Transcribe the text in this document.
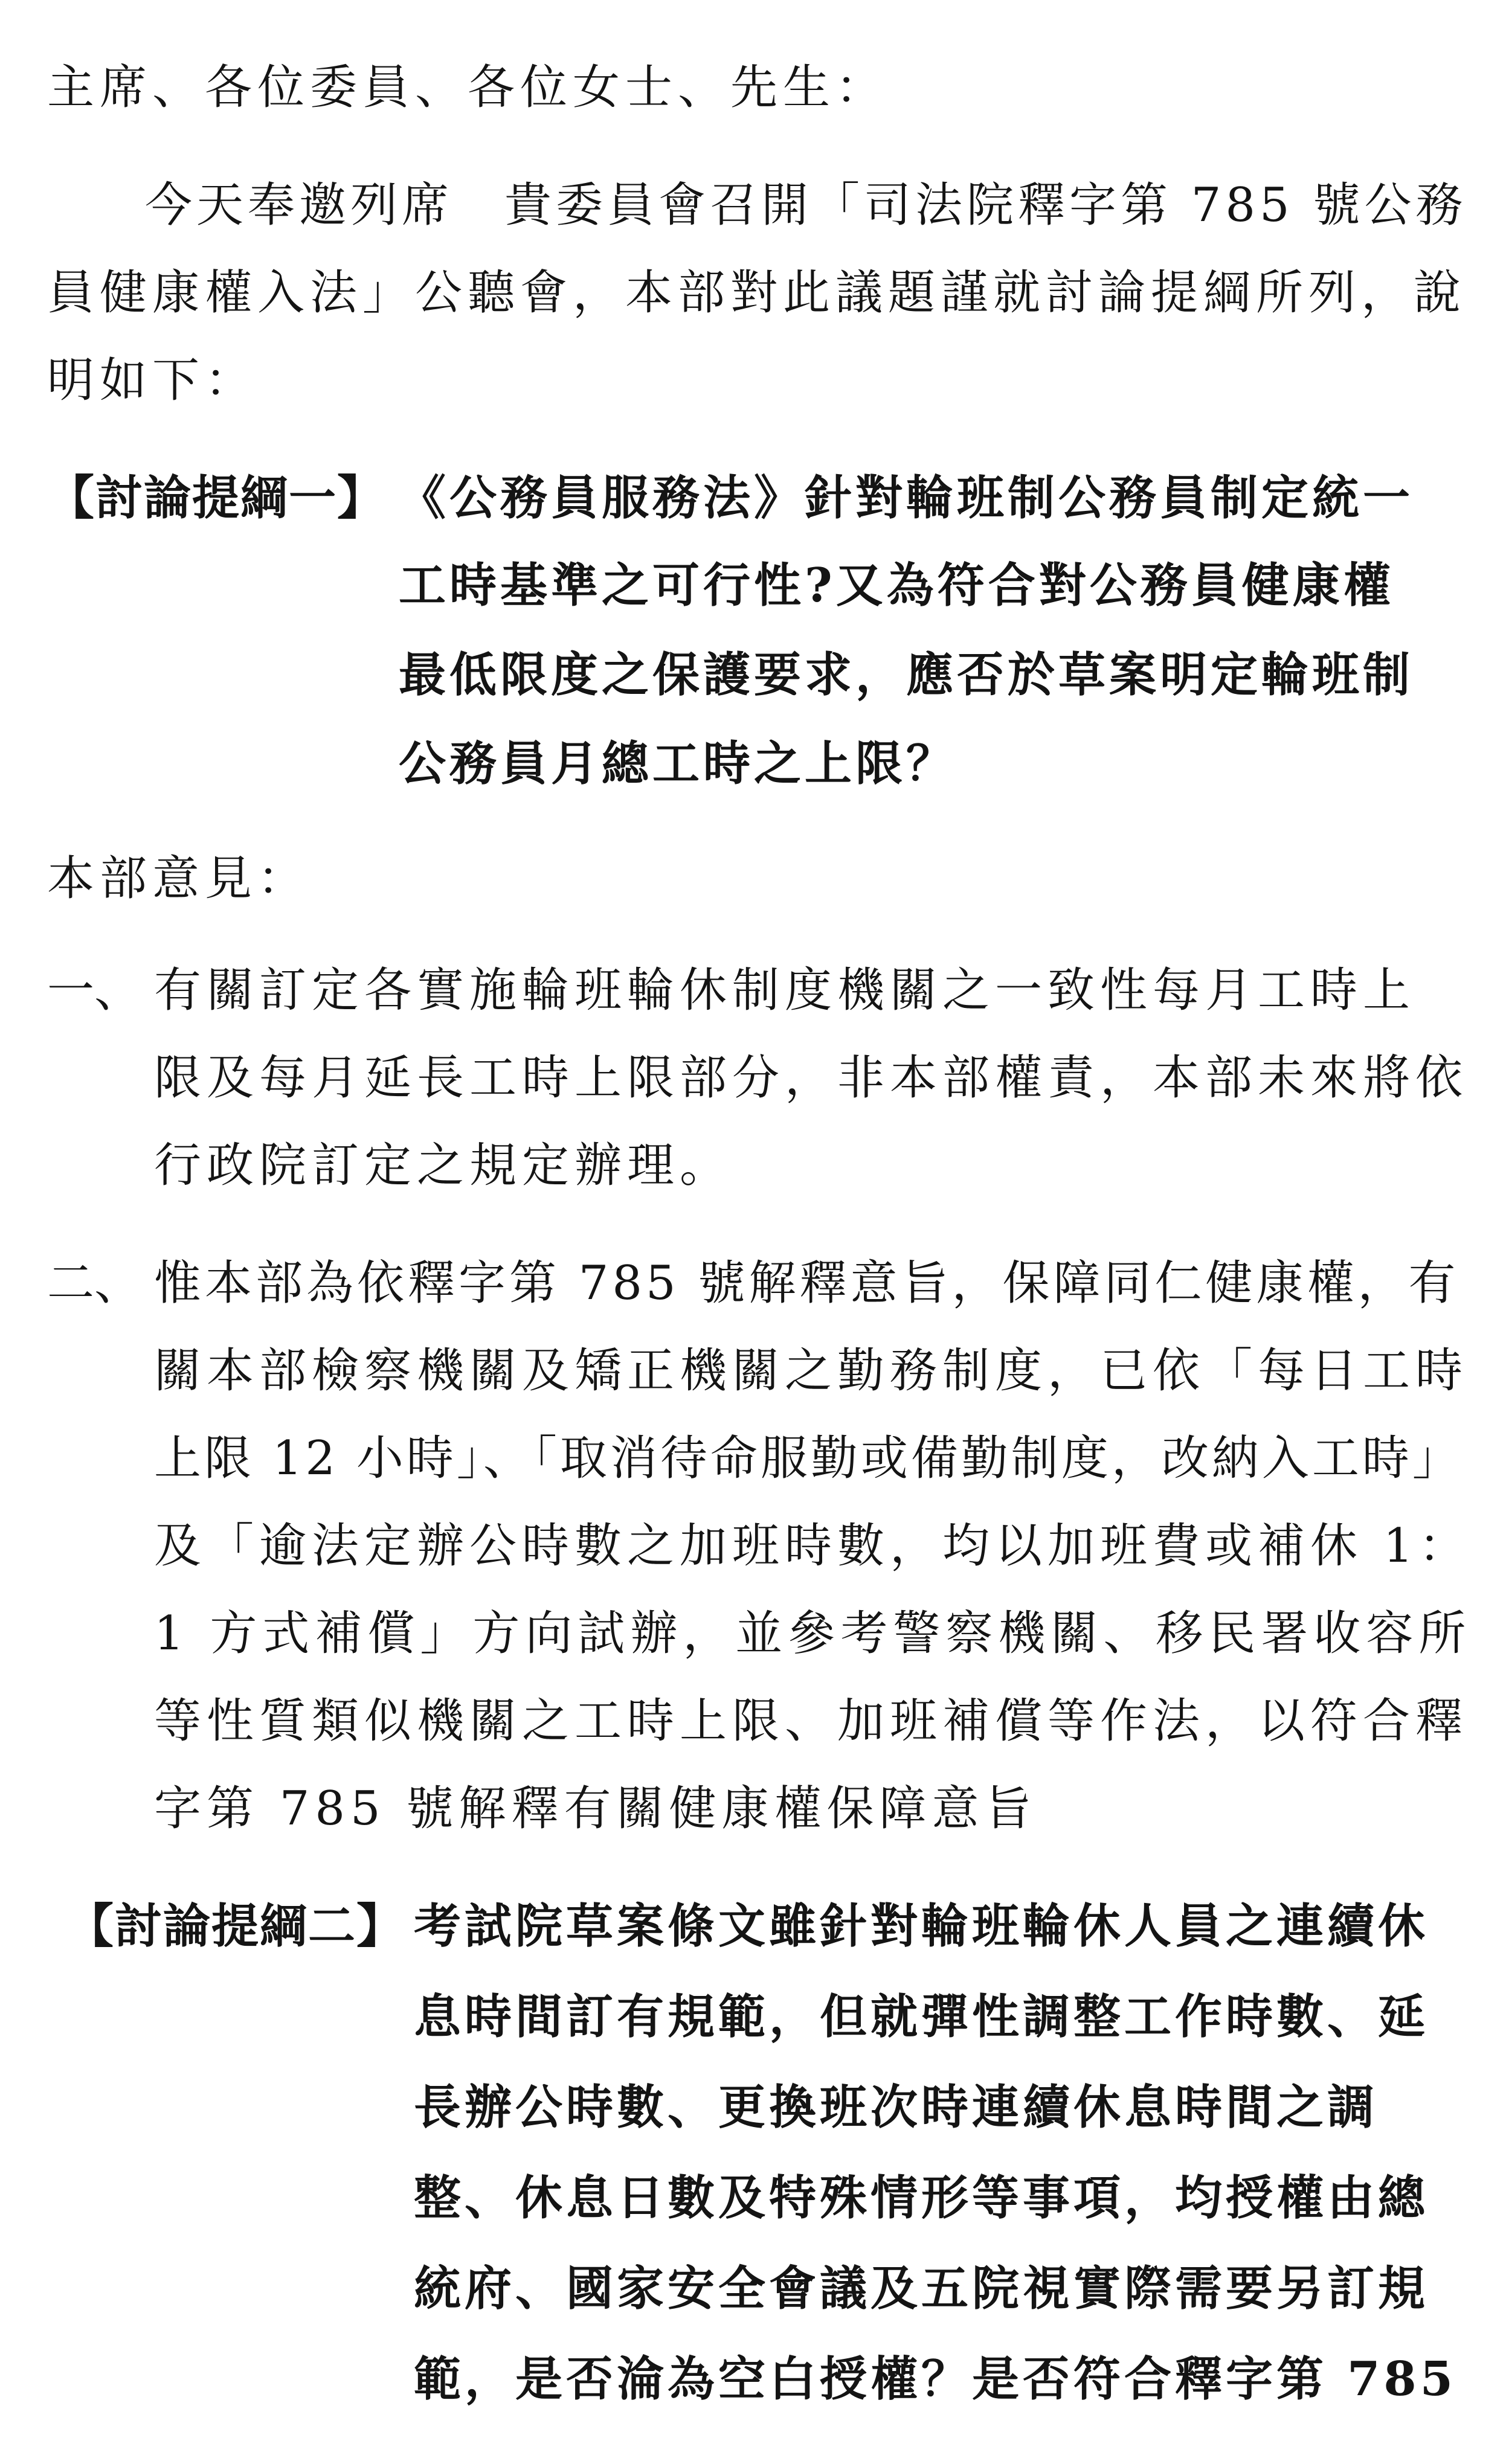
主席、各位委員、各位女士、先生：
今天奉邀列席　貴委員會召開「司法院釋字第 785 號公務
員健康權入法」公聽會，本部對此議題謹就討論提綱所列，說
明如下：
【討論提綱一】 《公務員服務法》針對輪班制公務員制定統一
工時基準之可行性?又為符合對公務員健康權
最低限度之保護要求，應否於草案明定輪班制
公務員月總工時之上限？
本部意見：
一、 有關訂定各實施輪班輪休制度機關之一致性每月工時上
限及每月延長工時上限部分，非本部權責，本部未來將依
行政院訂定之規定辦理。
二、 惟本部為依釋字第 785 號解釋意旨，保障同仁健康權，有
關本部檢察機關及矯正機關之勤務制度，已依「每日工時
上限 12 小時」、「取消待命服勤或備勤制度，改納入工時」
及「逾法定辦公時數之加班時數，均以加班費或補休 1：
1 方式補償」方向試辦，並參考警察機關、移民署收容所
等性質類似機關之工時上限、加班補償等作法，以符合釋
字第 785 號解釋有關健康權保障意旨
【討論提綱二】 考試院草案條文雖針對輪班輪休人員之連續休
息時間訂有規範，但就彈性調整工作時數、延
長辦公時數、更換班次時連續休息時間之調
整、休息日數及特殊情形等事項，均授權由總
統府、國家安全會議及五院視實際需要另訂規
範，是否淪為空白授權？是否符合釋字第 785
